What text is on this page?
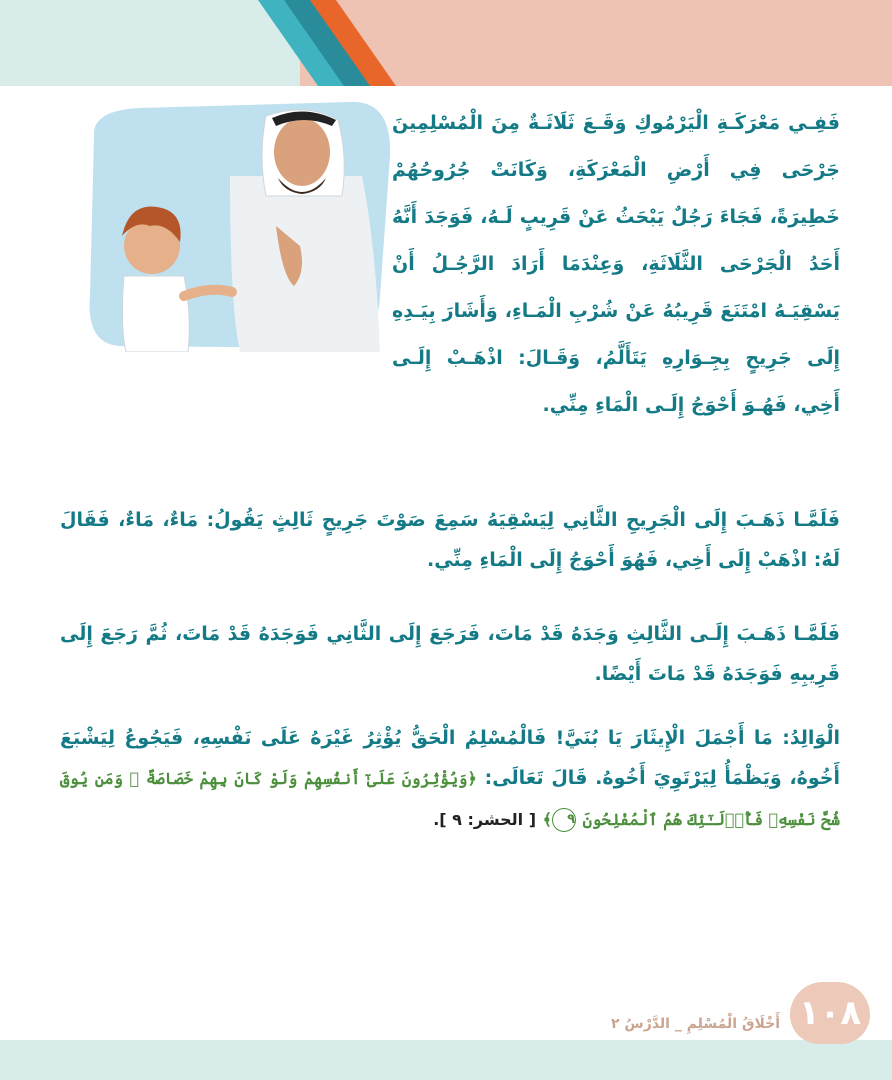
فَفِـي مَعْرَكَـةِ الْيَرْمُوكِ وَقَـعَ ثَلَاثَـةٌ مِنَ الْمُسْلِمِينَ جَرْحَى فِي أَرْضِ الْمَعْرَكَةِ، وَكَانَتْ جُرُوحُهُمْ خَطِيرَةً، فَجَاءَ رَجُلٌ يَبْحَثُ عَنْ قَرِيبٍ لَـهُ، فَوَجَدَ أَنَّهُ أَحَدُ الْجَرْحَى الثَّلَاثَةِ، وَعِنْدَمَا أَرَادَ الرَّجُـلُ أَنْ يَسْقِيَـهُ امْتَنَعَ قَرِيبُهُ عَنْ شُرْبِ الْمَـاءِ، وَأَشَارَ بِيَـدِهِ إِلَى جَرِيحٍ بِجِـوَارِهِ يَتَأَلَّمُ، وَقَـالَ: اذْهَـبْ إِلَـى أَخِي، فَهُـوَ أَحْوَجُ إِلَـى الْمَاءِ مِنِّي.

فَلَمَّـا ذَهَـبَ إِلَى الْجَرِيحِ الثَّانِي لِيَسْقِيَهُ سَمِعَ صَوْتَ جَرِيحٍ ثَالِثٍ يَقُولُ: مَاءٌ، مَاءٌ، فَقَالَ لَهُ: اذْهَبْ إِلَى أَخِي، فَهُوَ أَحْوَجُ إِلَى الْمَاءِ مِنِّي.

فَلَمَّـا ذَهَـبَ إِلَـى الثَّالِثِ وَجَدَهُ قَدْ مَاتَ، فَرَجَعَ إِلَى الثَّانِي فَوَجَدَهُ قَدْ مَاتَ، ثُمَّ رَجَعَ إِلَى قَرِيبِهِ فَوَجَدَهُ قَدْ مَاتَ أَيْضًا.

الْوَالِدُ: مَا أَجْمَلَ الْإِيثَارَ يَا بُنَيَّ! فَالْمُسْلِمُ الْحَقُّ يُؤْثِرُ غَيْرَهُ عَلَى نَفْسِهِ، فَيَجُوعُ لِيَشْبَعَ أَخُوهُ، وَيَظْمَأُ لِيَرْتَوِيَ أَخُوهُ. قَالَ تَعَالَى: ﴿وَيُؤْثِرُونَ عَلَىٰٓ أَنفُسِهِمْ وَلَوْ كَانَ بِهِمْ خَصَاصَةٌ ۚ وَمَن يُوقَ شُحَّ نَفْسِهِۦ فَأُو۟لَـٰٓئِكَ هُمُ ٱلْمُفْلِحُونَ ٩﴾ [ الحشر: ٩ ].

١٠٨
أَخْلَاقُ الْمُسْلِمِ _ الدَّرْسُ ٢
